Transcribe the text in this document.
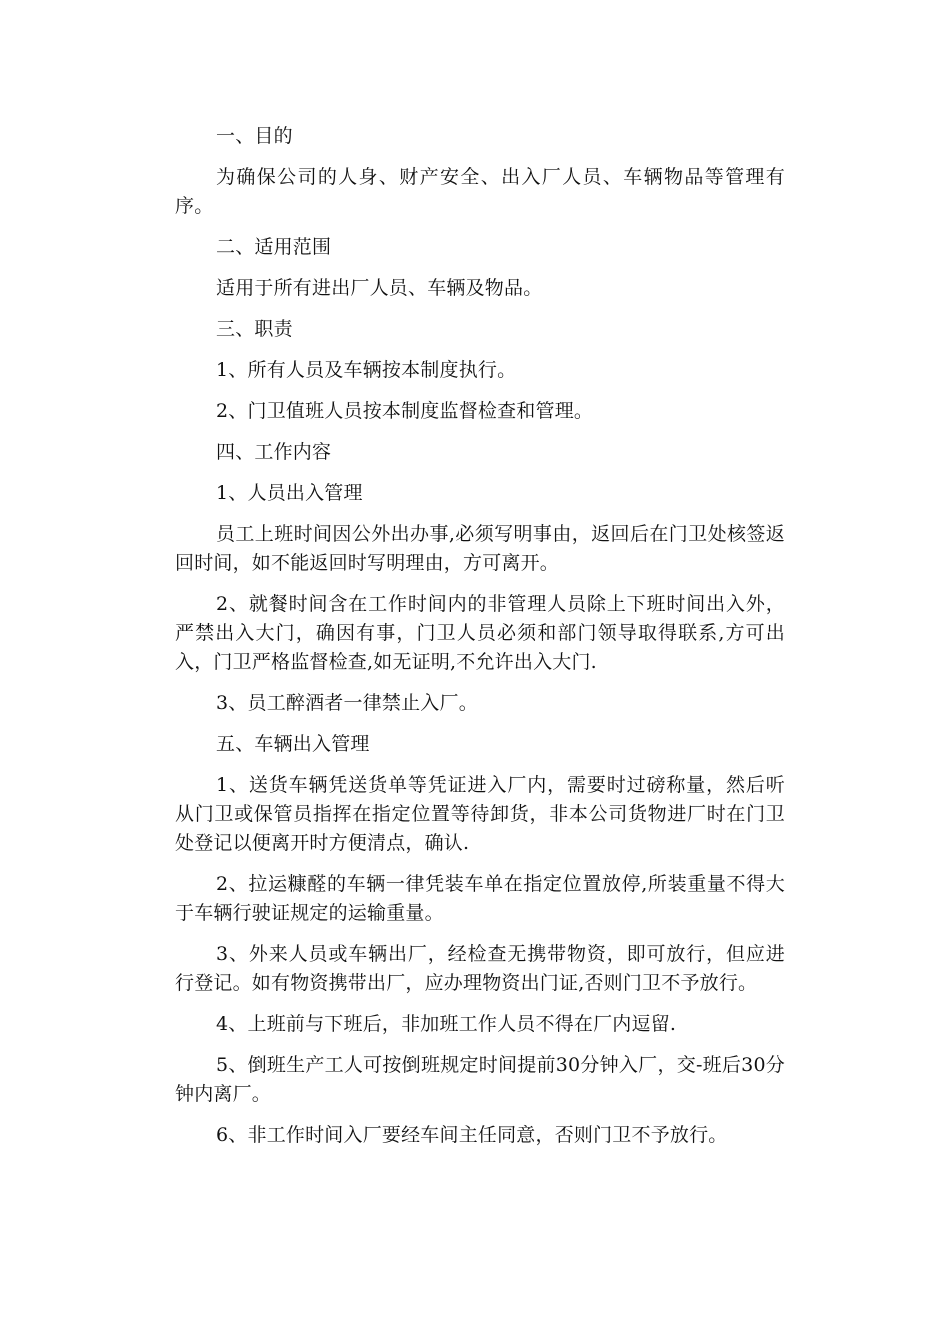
一、目的

为确保公司的人身、财产安全、出入厂人员、车辆物品等管理有序。

二、适用范围

适用于所有进出厂人员、车辆及物品。

三、职责

1、所有人员及车辆按本制度执行。

2、门卫值班人员按本制度监督检查和管理。

四、工作内容

1、人员出入管理

员工上班时间因公外出办事,必须写明事由，返回后在门卫处核签返回时间，如不能返回时写明理由，方可离开。

2、就餐时间含在工作时间内的非管理人员除上下班时间出入外，严禁出入大门，确因有事，门卫人员必须和部门领导取得联系,方可出入，门卫严格监督检查,如无证明,不允许出入大门.

3、员工醉酒者一律禁止入厂。

五、车辆出入管理

1、送货车辆凭送货单等凭证进入厂内，需要时过磅称量，然后听从门卫或保管员指挥在指定位置等待卸货，非本公司货物进厂时在门卫处登记以便离开时方便清点，确认.

2、拉运糠醛的车辆一律凭装车单在指定位置放停,所装重量不得大于车辆行驶证规定的运输重量。

3、外来人员或车辆出厂，经检查无携带物资，即可放行，但应进行登记。如有物资携带出厂，应办理物资出门证,否则门卫不予放行。

4、上班前与下班后，非加班工作人员不得在厂内逗留.

5、倒班生产工人可按倒班规定时间提前30分钟入厂，交-班后30分钟内离厂。

6、非工作时间入厂要经车间主任同意，否则门卫不予放行。
